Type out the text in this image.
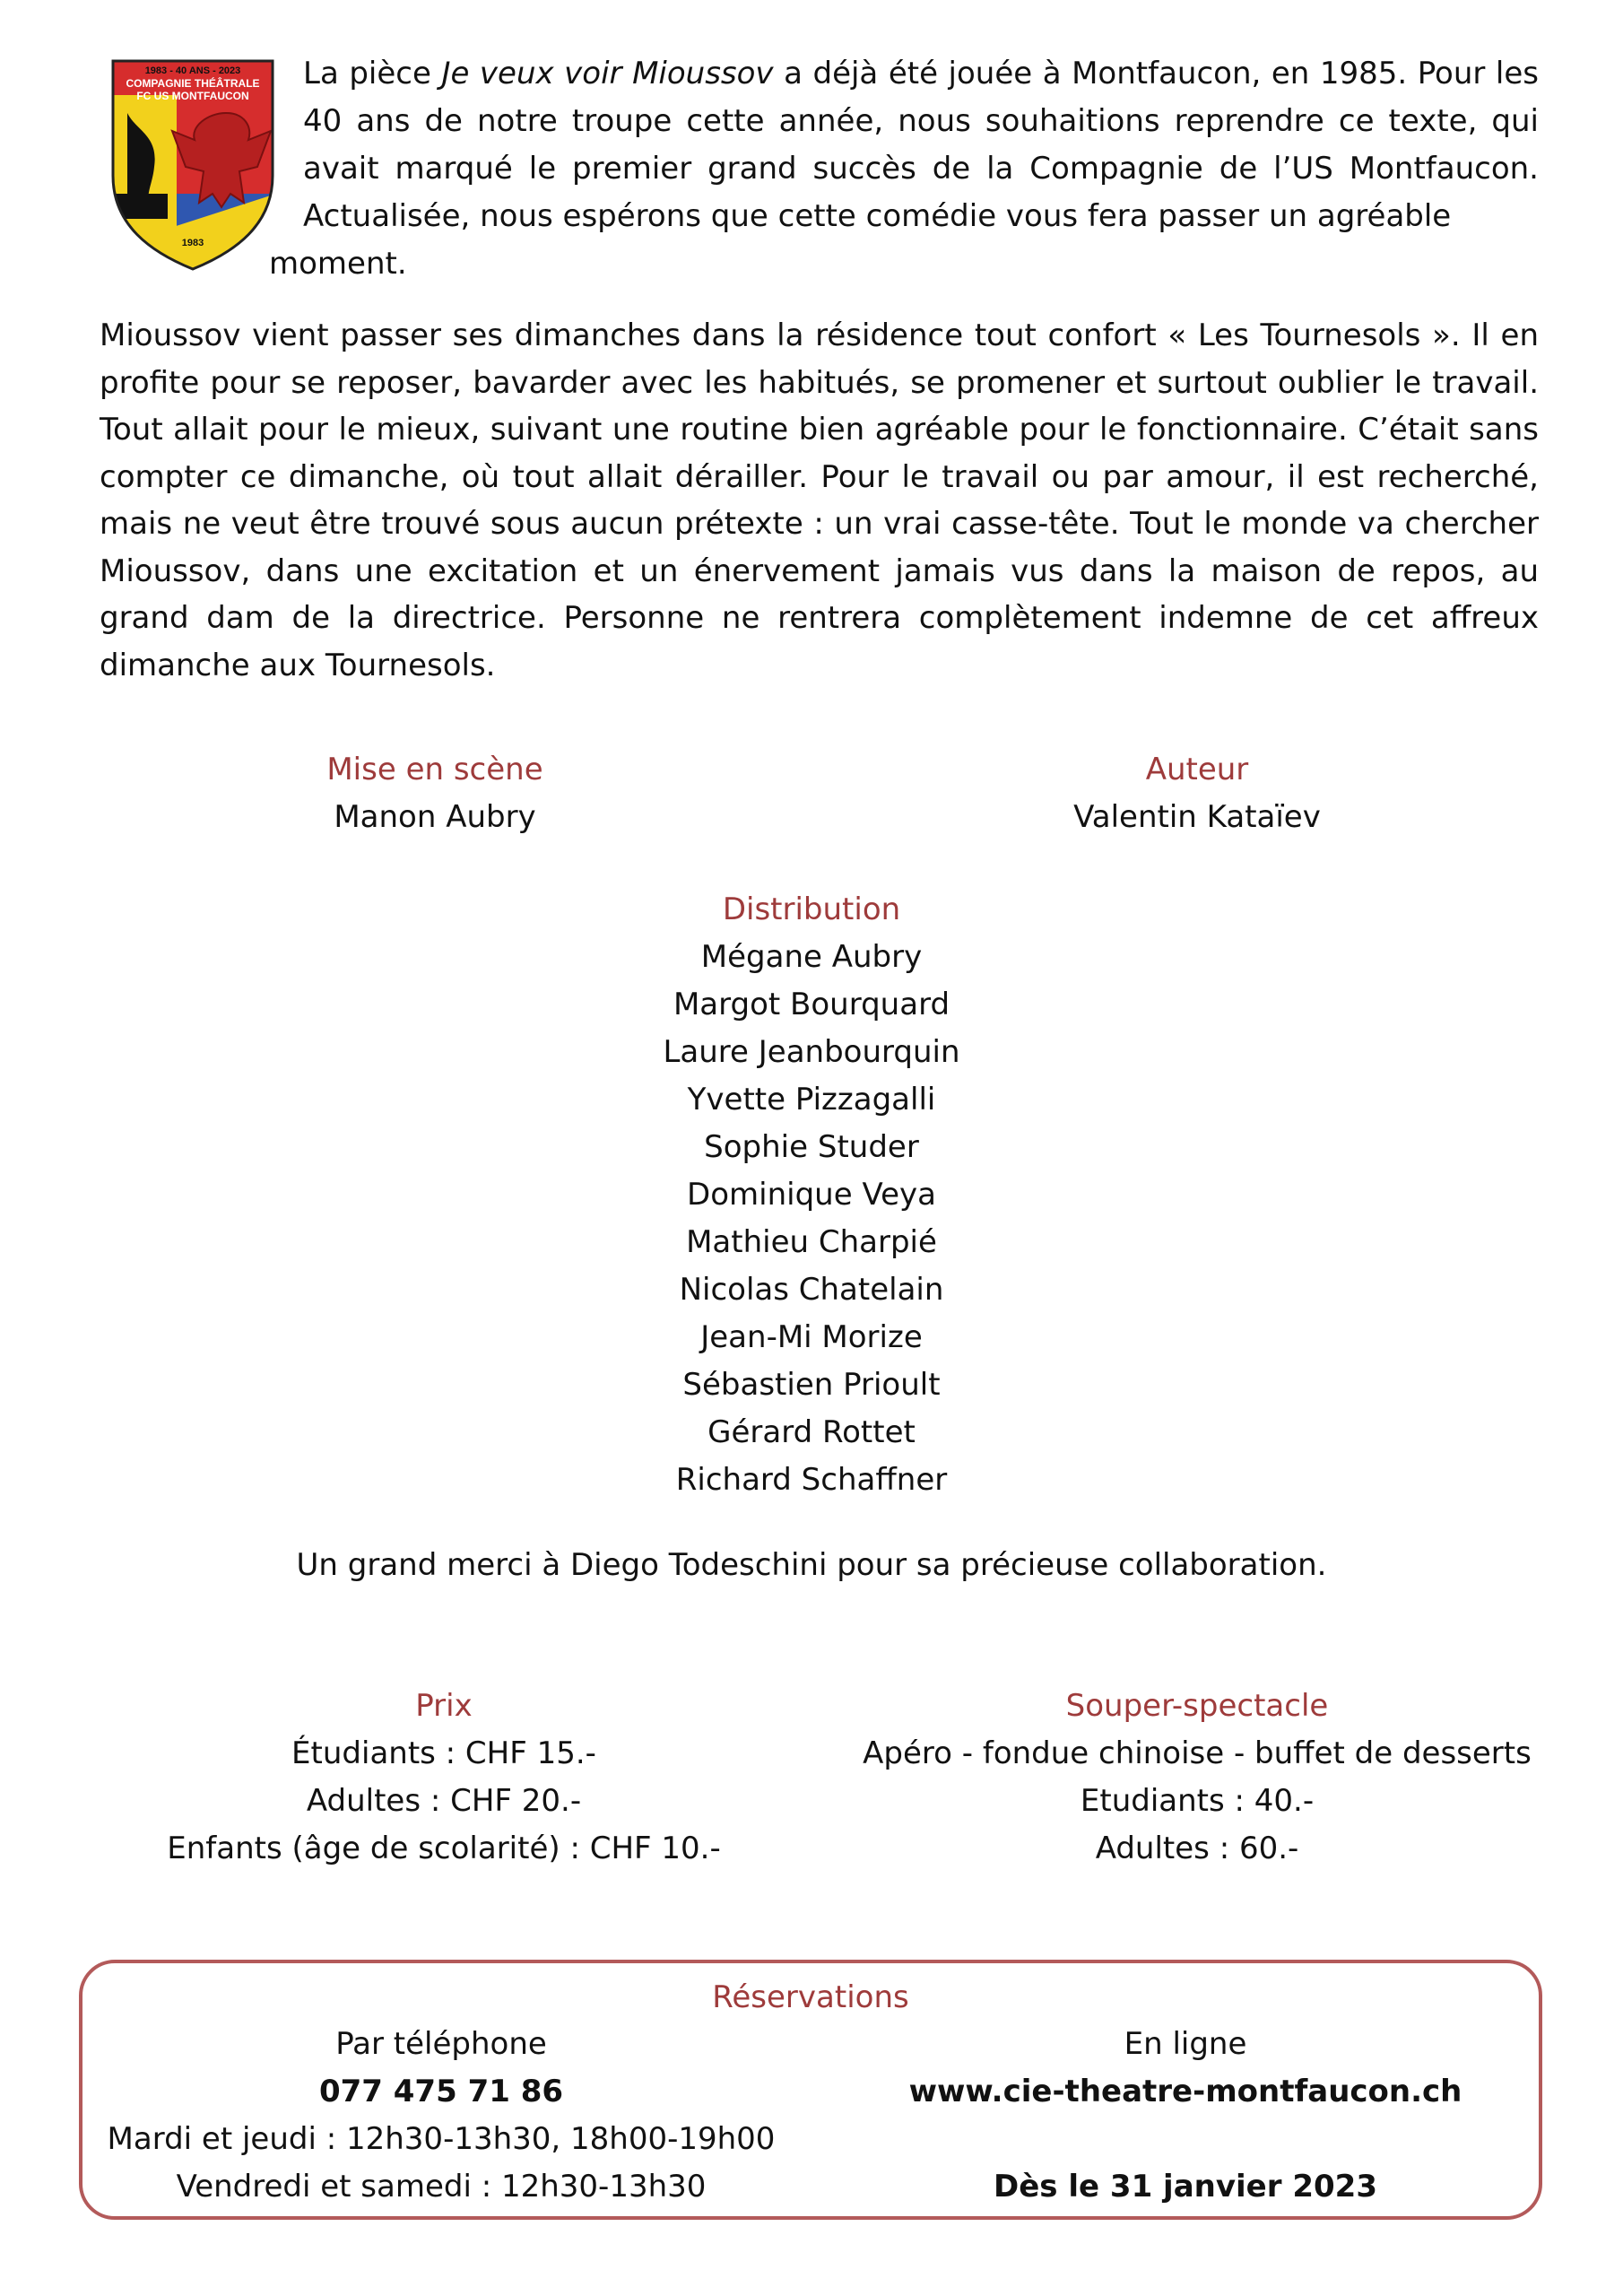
1983 - 40 ANS - 2023
COMPAGNIE THÉÂTRALE
FC US MONTFAUCON
1983

La pièce Je veux voir Mioussov a déjà été jouée à Montfaucon, en 1985. Pour les 40 ans de notre troupe cette année, nous souhaitions reprendre ce texte, qui avait marqué le premier grand succès de la Compagnie de l’US Montfaucon. Actualisée, nous espérons que cette comédie vous fera passer un agréable
moment.

Mioussov vient passer ses dimanches dans la résidence tout confort « Les Tournesols ». Il en profite pour se reposer, bavarder avec les habitués, se promener et surtout oublier le travail. Tout allait pour le mieux, suivant une routine bien agréable pour le fonctionnaire. C’était sans compter ce dimanche, où tout allait dérailler. Pour le travail ou par amour, il est recherché, mais ne veut être trouvé sous aucun prétexte : un vrai casse-tête. Tout le monde va chercher Mioussov, dans une excitation et un énervement jamais vus dans la maison de repos, au grand dam de la directrice. Personne ne rentrera complètement indemne de cet affreux dimanche aux Tournesols.

Mise en scène
Manon Aubry
Auteur
Valentin Kataïev
Distribution
Mégane Aubry
Margot Bourquard
Laure Jeanbourquin
Yvette Pizzagalli
Sophie Studer
Dominique Veya
Mathieu Charpié
Nicolas Chatelain
Jean-Mi Morize
Sébastien Prioult
Gérard Rottet
Richard Schaffner
Un grand merci à Diego Todeschini pour sa précieuse collaboration.
Prix
Étudiants : CHF 15.-
Adultes : CHF 20.-
Enfants (âge de scolarité) : CHF 10.-
Souper-spectacle
Apéro - fondue chinoise - buffet de desserts
Etudiants : 40.-
Adultes : 60.-
Réservations
Par téléphone
077 475 71 86
Mardi et jeudi : 12h30-13h30, 18h00-19h00
Vendredi et samedi : 12h30-13h30
En ligne
www.cie-theatre-montfaucon.ch

Dès le 31 janvier 2023
